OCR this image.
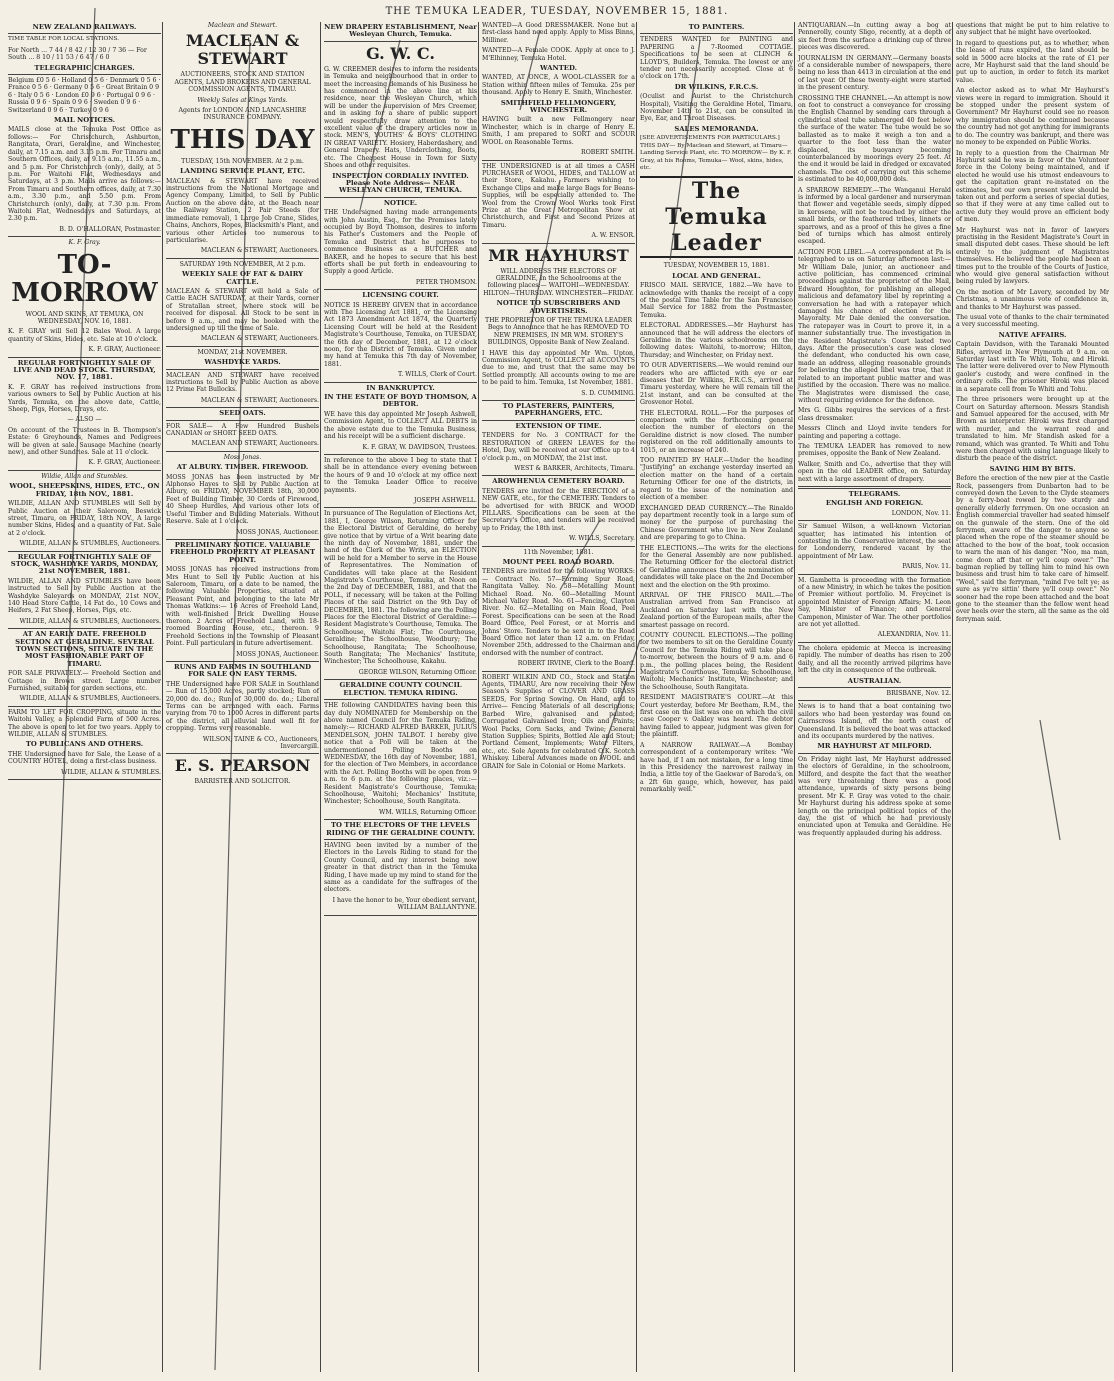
THE TEMUKA LEADER, TUESDAY, NOVEMBER 15, 1881.
NEW ZEALAND RAILWAYS.
TIME TABLE FOR LOCAL STATIONS.
For North ... 7 44 / 8 42 / 12 30 / 7 36 — For South ... 8 10 / 11 53 / 6 47 / 6 0
TELEGRAPHIC CHARGES.
Belgium £0 5 6 · Holland 0 5 6 · Denmark 0 5 6 · France 0 5 6 · Germany 0 5 6 · Great Britain 0 9 6 · Italy 0 5 6 · London £0 9 6 · Portugal 0 9 6 · Russia 0 9 6 · Spain 0 9 6 · Sweden 0 9 6 · Switzerland 0 9 6 · Turkey 0 9 6
MAIL NOTICES.
MAILS close at the Temuka Post Office as follows:— For Christchurch, Ashburton, Rangitata, Orari, Geraldine, and Winchester, daily, at 7.15 a.m. and 3.15 p.m. For Timaru and Southern Offices, daily, at 9.15 a.m., 11.55 a.m., and 5 p.m. For Christchurch (only), daily, at 5 p.m. For Waitohi Flat, Wednesdays and Saturdays, at 3 p.m. Mails arrive as follows:— From Timaru and Southern offices, daily, at 7.30 a.m., 3.30 p.m., and 5.50 p.m. From Christchurch (only), daily, at 7.30 p.m. From Waitohi Flat, Wednesdays and Saturdays, at 2.30 p.m.
B. D. O'HALLORAN, Postmaster.
K. F. Gray.
TO-MORROW
WOOL AND SKINS, AT TEMUKA, ON WEDNESDAY, NOV. 16, 1881.
K. F. GRAY will Sell 12 Bales Wool. A large quantity of Skins, Hides, etc. Sale at 10 o'clock.
K. F. GRAY, Auctioneer.
REGULAR FORTNIGHTLY SALE OF LIVE AND DEAD STOCK. THURSDAY, NOV. 17, 1881.
K. F. GRAY has received instructions from various owners to Sell by Public Auction at his Yards, Temuka, on the above date, Cattle, Sheep, Pigs, Horses, Drays, etc.
— ALSO —
On account of the Trustees in B. Thompson's Estate: 6 Greyhounds, Names and Pedigrees will be given at sale. Sausage Machine (nearly new), and other Sundries. Sale at 11 o'clock.
K. F. GRAY, Auctioneer.
Wildie, Allan and Stumbles.
WOOL, SHEEPSKINS, HIDES, ETC., ON FRIDAY, 18th NOV., 1881.
WILDIE, ALLAN AND STUMBLES will Sell by Public Auction at their Saleroom, Beswick street, Timaru, on FRIDAY, 18th NOV., A large number Skins, Hides, and a quantity of Fat. Sale at 2 o'clock.
WILDIE, ALLAN & STUMBLES, Auctioneers.
REGULAR FORTNIGHTLY SALE OF STOCK, WASHDYKE YARDS, MONDAY, 21st NOVEMBER, 1881.
WILDIE, ALLAN AND STUMBLES have been instructed to Sell by Public Auction at the Washdyke Saleyards on MONDAY, 21st NOV., 140 Head Store Cattle, 14 Fat do., 10 Cows and Heifers, 2 Fat Sheep, Horses, Pigs, etc.
WILDIE, ALLAN & STUMBLES, Auctioneers.
AT AN EARLY DATE. FREEHOLD SECTION AT GERALDINE. SEVERAL TOWN SECTIONS, SITUATE IN THE MOST FASHIONABLE PART OF TIMARU.
FOR SALE PRIVATELY.— Freehold Section and Cottage in Brown street. Large number Furnished, suitable for garden sections, etc.
WILDIE, ALLAN & STUMBLES, Auctioneers.
FARM TO LET FOR CROPPING, situate in the Waitohi Valley, a Splendid Farm of 500 Acres. The above is open to let for two years. Apply to WILDIE, ALLAN & STUMBLES.
TO PUBLICANS AND OTHERS.
THE Undersigned have for Sale, the Lease of a COUNTRY HOTEL, doing a first-class business.
WILDIE, ALLAN & STUMBLES.
Maclean and Stewart.
MACLEAN & STEWART
AUCTIONEERS, STOCK AND STATION AGENTS, LAND BROKERS AND GENERAL COMMISSION AGENTS, TIMARU.
Weekly Sales at Kings Yards.
Agents for LONDON AND LANCASHIRE INSURANCE COMPANY.
THIS DAY
TUESDAY, 15th NOVEMBER. At 2 p.m.
LANDING SERVICE PLANT, ETC.
MACLEAN & STEWART have received instructions from the National Mortgage and Agency Company, Limited, to Sell by Public Auction on the above date, at the Beach near the Railway Station, 2 Pair Steeds (for immediate removal), 1 Large Job Crane, Slides, Chains, Anchors, Ropes, Blacksmith's Plant, and various other Articles too numerous to particularise.
MACLEAN & STEWART, Auctioneers.
SATURDAY 19th NOVEMBER, At 2 p.m.
WEEKLY SALE OF FAT & DAIRY CATTLE.
MACLEAN & STEWART will hold a Sale of Cattle EACH SATURDAY, at their Yards, corner of Stratallan street, where stock will be received for disposal. All Stock to be sent in before 9 a.m., and may be booked with the undersigned up till the time of Sale.
MACLEAN & STEWART, Auctioneers.
MONDAY, 21st NOVEMBER.
WASHDYKE YARDS.
MACLEAN AND STEWART have received instructions to Sell by Public Auction as above 12 Prime Fat Bullocks.
MACLEAN & STEWART, Auctioneers.
SEED OATS.
FOR SALE— A Few Hundred Bushels CANADIAN or SHORT SEED OATS.
MACLEAN AND STEWART, Auctioneers.
Moss Jonas.
AT ALBURY. TIMBER. FIREWOOD.
MOSS JONAS has been instructed by Mr Alphonso Hayes to Sell by Public Auction at Albury, on FRIDAY, NOVEMBER 18th, 30,000 Feet of Building Timber, 30 Cords of Firewood, 40 Sheep Hurdles, And various other lots of Useful Timber and Building Materials. Without Reserve. Sale at 1 o'clock.
MOSS JONAS, Auctioneer.
PRELIMINARY NOTICE. VALUABLE FREEHOLD PROPERTY AT PLEASANT POINT.
MOSS JONAS has received instructions from Mrs Hunt to Sell by Public Auction at his Saleroom, Timaru, on a date to be named, the following Valuable Properties, situated at Pleasant Point, and belonging to the late Mr Thomas Watkins:— 16 Acres of Freehold Land, with well-finished Brick Dwelling House thereon. 2 Acres of Freehold Land, with 18-roomed Boarding House, etc., thereon. 9 Freehold Sections in the Township of Pleasant Point. Full particulars in future advertisement.
MOSS JONAS, Auctioneer.
RUNS AND FARMS IN SOUTHLAND FOR SALE ON EASY TERMS.
THE Undersigned have FOR SALE in Southland— Run of 15,000 Acres, partly stocked; Run of 20,000 do. do.; Run of 30,000 do. do.; Liberal Terms can be arranged with each. Farms varying from 70 to 1000 Acres in different parts of the district, all alluvial land well fit for cropping. Terms very reasonable.
WILSON, TAINE & CO., Auctioneers, Invercargill.
E. S. PEARSON
BARRISTER AND SOLICITOR.
NEW DRAPERY ESTABLISHMENT, Near Wesleyan Church, Temuka.
G. W. C.
G. W. CREEMER desires to inform the residents in Temuka and neighbourhood that in order to meet the increasing demands of his Business he has commenced in the above line at his residence, near the Wesleyan Church, which will be under the supervision of Mrs Creemer, and in asking for a share of public support would respectfully draw attention to the excellent value of the drapery articles now in stock. MEN'S, YOUTHS' & BOYS' CLOTHING IN GREAT VARIETY. Hosiery, Haberdashery, and General Drapery. Hats, Underclothing, Boots, etc. The Cheapest House in Town for Sixty Shoes and other requisites.
INSPECTION CORDIALLY INVITED. Please Note Address— NEAR WESLEYAN CHURCH, TEMUKA.
NOTICE.
THE Undersigned having made arrangements with John Austin, Esq., for the Premises lately occupied by Boyd Thomson, desires to inform his Father's Customers and the People of Temuka and District that he purposes to commence Business as a BUTCHER and BAKER, and he hopes to secure that his best efforts shall be put forth in endeavouring to Supply a good Article.
PETER THOMSON.
LICENSING COURT.
NOTICE IS HEREBY GIVEN that in accordance with The Licensing Act 1881, or the Licensing Act 1873 Amendment Act 1874, the Quarterly Licensing Court will be held at the Resident Magistrate's Courthouse, Temuka, on TUESDAY, the 6th day of December, 1881, at 12 o'clock noon, for the District of Temuka. Given under my hand at Temuka this 7th day of November, 1881.
T. WILLS, Clerk of Court.
IN BANKRUPTCY.
IN THE ESTATE OF BOYD THOMSON, A DEBTOR.
WE have this day appointed Mr Joseph Ashwell, Commission Agent, to COLLECT ALL DEBTS in the above estate due to the Temuka Business, and his receipt will be a sufficient discharge.
K. F. GRAY, W. DAVIDSON, Trustees.
In reference to the above I beg to state that I shall be in attendance every evening between the hours of 9 and 10 o'clock at my office next to the Temuka Leader Office to receive payments.
JOSEPH ASHWELL.
In pursuance of The Regulation of Elections Act, 1881, I, George Wilson, Returning Officer for the Electoral District of Geraldine, do hereby give notice that by virtue of a Writ bearing date the ninth day of November, 1881, under the hand of the Clerk of the Writs, an ELECTION will be held for a Member to serve in the House of Representatives. The Nomination of Candidates will take place at the Resident Magistrate's Courthouse, Temuka, at Noon on the 2nd Day of DECEMBER, 1881, and that the POLL, if necessary, will be taken at the Polling Places of the said District on the 9th Day of DECEMBER, 1881. The following are the Polling Places for the Electoral District of Geraldine:— Resident Magistrate's Courthouse, Temuka. The Schoolhouse, Waitohi Flat; The Courthouse, Geraldine; The Schoolhouse, Woodbury; The Schoolhouse, Rangitata; The Schoolhouse, South Rangitata; The Mechanics' Institute, Winchester; The Schoolhouse, Kakahu.
GEORGE WILSON, Returning Officer.
GERALDINE COUNTY COUNCIL ELECTION. TEMUKA RIDING.
THE following CANDIDATES having been this day duly NOMINATED for Membership on the above named Council for the Temuka Riding, namely:— RICHARD ALFRED BARKER, JULIUS MENDELSON, JOHN TALBOT. I hereby give notice that a Poll will be taken at the undermentioned Polling Booths on WEDNESDAY, the 16th day of November, 1881, for the election of Two Members, in accordance with the Act. Polling Booths will be open from 9 a.m. to 6 p.m. at the following places, viz.:— Resident Magistrate's Courthouse, Temuka; Schoolhouse, Waitohi; Mechanics' Institute, Winchester; Schoolhouse, South Rangitata.
WM. WILLS, Returning Officer.
TO THE ELECTORS OF THE LEVELS RIDING OF THE GERALDINE COUNTY.
HAVING been invited by a number of the Electors in the Levels Riding to stand for the County Council, and my interest being now greater in that district than in the Temuka Riding, I have made up my mind to stand for the same as a candidate for the suffrages of the electors.
I have the honor to be, Your obedient servant, WILLIAM BALLANTYNE.
WANTED—A Good DRESSMAKER. None but a first-class hand need apply. Apply to Miss Binns, Milliner.
WANTED—A Female COOK. Apply at once to J. M'Elhinney, Temuka Hotel.
WANTED.
WANTED, AT ONCE, A WOOL-CLASSER for a Station within fifteen miles of Temuka. 25s per thousand. Apply to Henry E. Smith, Winchester.
SMITHFIELD FELLMONGERY, WINCHESTER.
HAVING built a new Fellmongery near Winchester, which is in charge of Henry E. Smith, I am prepared to SORT and SCOUR WOOL on Reasonable Terms.
ROBERT SMITH.
THE UNDERSIGNED is at all times a CASH PURCHASER of WOOL, HIDES, and TALLOW at their Store, Kakahu. Farmers wishing to Exchange Clips and make large Bags for Beans-Supplies, will be especially attended to. The Wool from the Crown Wool Works took First Prize at the Great Metropolitan Show at Christchurch, and First and Second Prizes at Timaru.
A. W. ENSOR.
MR HAYHURST
WILL ADDRESS THE ELECTORS OF GERALDINE, In the Schoolrooms at the following places:— WAITOHI—WEDNESDAY. HILTON—THURSDAY. WINCHESTER—FRIDAY.
NOTICE TO SUBSCRIBERS AND ADVERTISERS.
THE PROPRIETOR OF THE TEMUKA LEADER Begs to Announce that he has REMOVED TO NEW PREMISES, IN MR WM. STOREY'S BUILDINGS, Opposite Bank of New Zealand.
I HAVE this day appointed Mr Wm. Upton, Commission Agent, to COLLECT all ACCOUNTS due to me, and trust that the same may be Settled promptly. All accounts owing to me are to be paid to him. Temuka, 1st November, 1881.
S. D. CUMMING.
TO PLASTERERS, PAINTERS, PAPERHANGERS, ETC.
EXTENSION OF TIME.
TENDERS for No. 3 CONTRACT for the RESTORATION of GREEN LEAVES for the Hotel, Day, will be received at our Office up to 4 o'clock p.m., on MONDAY, the 21st inst.
WEST & BARKER, Architects, Timaru.
AROWHENUA CEMETERY BOARD.
TENDERS are invited for the ERECTION of a NEW GATE, etc., for the CEMETERY. Tenders to be advertised for with BRICK and WOOD PILLARS. Specifications can be seen at the Secretary's Office, and tenders will be received up to Friday, the 18th inst.
W. WILLS, Secretary.
11th November, 1881.
MOUNT PEEL ROAD BOARD.
TENDERS are invited for the following WORKS:— Contract No. 57—Forming Spur Road, Rangitata Valley. No. 58—Metalling Mount Michael Road. No. 60—Metalling Mount Michael Valley Road. No. 61—Fencing, Clayton River. No. 62—Metalling on Main Road, Peel Forest. Specifications can be seen at the Road Board Office, Peel Forest, or at Morris and Johns' Store. Tenders to be sent in to the Road Board Office not later than 12 a.m. on Friday, November 25th, addressed to the Chairman and endorsed with the number of contract.
ROBERT IRVINE, Clerk to the Board.
ROBERT WILKIN AND CO., Stock and Station Agents, TIMARU, Are now receiving their New Season's Supplies of CLOVER AND GRASS SEEDS, For Spring Sowing. On Hand, and to Arrive— Fencing Materials of all descriptions; Barbed Wire, galvanised and painted; Corrugated Galvanised Iron; Oils and Paints; Wool Packs, Corn Sacks, and Twine; General Station Supplies; Spirits, Bottled Ale and Stout; Portland Cement, Implements; Water Filters, etc., etc. Sole Agents for celebrated O.K. Scotch Whiskey. Liberal Advances made on WOOL and GRAIN for Sale in Colonial or Home Markets.
TO PAINTERS.
TENDERS WANTED for PAINTING and PAPERING a 7-Roomed COTTAGE. Specifications to be seen at CLINCH & LLOYD'S, Builders, Temuka. The lowest or any tender not necessarily accepted. Close at 6 o'clock on 17th.
DR WILKINS, F.R.C.S.
(Oculist and Aurist to the Christchurch Hospital), Visiting the Geraldine Hotel, Timaru, November 14th to 21st, can be consulted in Eye, Ear, and Throat Diseases.
SALES MEMORANDA.
[SEE ADVERTISEMENTS FOR PARTICULARS.] THIS DAY— By Maclean and Stewart, at Timaru— Landing Service Plant, etc. TO MORROW— By K. F. Gray, at his Rooms, Temuka— Wool, skins, hides, etc.
The Temuka Leader
TUESDAY, NOVEMBER 15, 1881.
LOCAL AND GENERAL.
FRISCO MAIL SERVICE, 1882.—We have to acknowledge with thanks the receipt of a copy of the postal Time Table for the San Francisco Mail Service for 1882 from the Postmaster, Temuka.
ELECTORAL ADDRESSES.—Mr Hayhurst has announced that he will address the electors of Geraldine in the various schoolrooms on the following dates: Waitohi, to-morrow; Hilton, Thursday; and Winchester, on Friday next.
TO OUR ADVERTISERS.—We would remind our readers who are afflicted with eye or ear diseases that Dr Wilkins, F.R.C.S., arrived at Timaru yesterday, where he will remain till the 21st instant, and can be consulted at the Grosvenor Hotel.
THE ELECTORAL ROLL.—For the purposes of comparison with the forthcoming general election the number of electors on the Geraldine district is now closed. The number registered on the roll additionally amounts to 1015, or an increase of 240.
TOO PAINTED BY HALF.—Under the heading "Justifying" an exchange yesterday inserted an election matter on the hand of a certain Returning Officer for one of the districts, in regard to the issue of the nomination and election of a member.
EXCHANGED DEAD CURRENCY.—The Rinaldo pay department recently took in a large sum of money for the purpose of purchasing the Chinese Government who live in New Zealand and are preparing to go to China.
THE ELECTIONS.—The writs for the elections for the General Assembly are now published. The Returning Officer for the electoral district of Geraldine announces that the nomination of candidates will take place on the 2nd December next and the election on the 9th proximo.
ARRIVAL OF THE FRISCO MAIL.—The Australian arrived from San Francisco at Auckland on Saturday last with the New Zealand portion of the European mails, after the smartest passage on record.
COUNTY COUNCIL ELECTIONS.—The polling for two members to sit on the Geraldine County Council for the Temuka Riding will take place to-morrow, between the hours of 9 a.m. and 6 p.m., the polling places being, the Resident Magistrate's Courthouse, Temuka; Schoolhouse, Waitohi; Mechanics' Institute, Winchester; and the Schoolhouse, South Rangitata.
RESIDENT MAGISTRATE'S COURT.—At this Court yesterday, before Mr Beetham, R.M., the first case on the list was one on which the civil case Cooper v. Oakley was heard. The debtor having failed to appear, judgment was given for the plaintiff.
A NARROW RAILWAY.—A Bombay correspondent of a contemporary writes: "We have had, if I am not mistaken, for a long time in this Presidency the narrowest railway in India, a little toy of the Gaekwar of Baroda's, on a 2ft 6in gauge, which, however, has paid remarkably well."
ANTIQUARIAN.—In cutting away a bog at Pennerolly, county Sligo, recently, at a depth of six feet from the surface a drinking cup of three pieces was discovered.
JOURNALISM IN GERMANY.—Germany boasts of a considerable number of newspapers, there being no less than 4413 in circulation at the end of last year. Of these twenty-eight were started in the present century.
CROSSING THE CHANNEL.—An attempt is now on foot to construct a conveyance for crossing the English Channel by sending cars through a cylindrical steel tube submerged 40 feet below the surface of the water. The tube would be so ballasted as to make it weigh a ton and a quarter to the foot less than the water displaced, its buoyancy becoming counterbalanced by moorings every 25 feet. At the end it would be laid in dredged or excavated channels. The cost of carrying out this scheme is estimated to be 40,000,000 dols.
A SPARROW REMEDY.—The Wanganui Herald is informed by a local gardener and nurseryman that flower and vegetable seeds, simply dipped in kerosene, will not be touched by either the small birds, or the feathered tribes, linnets or sparrows, and as a proof of this he gives a fine bed of turnips which has almost entirely escaped.
ACTION FOR LIBEL.—A correspondent at Pa is telegraphed to us on Saturday afternoon last:—Mr William Dale, junior, an auctioneer and active politician, has commenced criminal proceedings against the proprietor of the Mail, Edward Houghton, for publishing an alleged malicious and defamatory libel by reprinting a conversation he had with a ratepayer which damaged his chance of election for the Mayoralty. Mr Dale denied the conversation. The ratepayer was in Court to prove it, in a manner substantially true. The investigation in the Resident Magistrate's Court lasted two days. After the prosecution's case was closed the defendant, who conducted his own case, made an address, alleging reasonable grounds for believing the alleged libel was true, that it related to an important public matter and was justified by the occasion. There was no malice. The Magistrates were dismissed the case, without requiring evidence for the defence.
Mrs G. Gibbs requires the services of a first-class dressmaker.
Messrs Clinch and Lloyd invite tenders for painting and papering a cottage.
The TEMUKA LEADER has removed to new premises, opposite the Bank of New Zealand.
Walker, Smith and Co., advertise that they will open in the old LEADER office, on Saturday next with a large assortment of drapery.
TELEGRAMS.
ENGLISH AND FOREIGN.
LONDON, Nov. 11.
Sir Samuel Wilson, a well-known Victorian squatter, has intimated his intention of contesting in the Conservative interest, the seat for Londonderry, rendered vacant by the appointment of Mr Law.
PARIS, Nov. 11.
M. Gambetta is proceeding with the formation of a new Ministry, in which he takes the position of Premier without portfolio. M. Freycinet is appointed Minister of Foreign Affairs; M. Leon Say, Minister of Finance; and General Campenon, Minister of War. The other portfolios are not yet allotted.
ALEXANDRIA, Nov. 11.
The cholera epidemic at Mecca is increasing rapidly. The number of deaths has risen to 200 daily, and all the recently arrived pilgrims have left the city in consequence of the outbreak.
AUSTRALIAN.
BRISBANE, Nov. 12.
News is to hand that a boat containing two sailors who had been yesterday was found on Cairnscross Island, off the north coast of Queensland. It is believed the boat was attacked and its occupants murdered by the natives.
MR HAYHURST AT MILFORD.
On Friday night last, Mr Hayhurst addressed the electors of Geraldine, in the schoolroom, Milford, and despite the fact that the weather was very threatening there was a good attendance, upwards of sixty persons being present. Mr K. F. Gray was voted to the chair. Mr Hayhurst during his address spoke at some length on the principal political topics of the day, the gist of which he had previously enunciated upon at Temuka and Geraldine. He was frequently applauded during his address.
questions that might be put to him relative to any subject that he might have overlooked.
In regard to questions put, as to whether, when the lease of runs expired, the land should be sold in 5000 acre blocks at the rate of £1 per acre, Mr Hayhurst said that the land should be put up to auction, in order to fetch its market value.
An elector asked as to what Mr Hayhurst's views were in regard to immigration. Should it be stopped under the present system of Government? Mr Hayhurst could see no reason why immigration should be continued because the country had not got anything for immigrants to do. The country was bankrupt, and there was no money to be expended on Public Works.
In reply to a question from the Chairman Mr Hayhurst said he was in favor of the Volunteer force in the Colony being maintained, and if elected he would use his utmost endeavours to get the capitation grant re-instated on the estimates, but our own present view should be taken out and perform a series of special duties, so that if they were at any time called out to active duty they would prove an efficient body of men.
Mr Hayhurst was not in favor of lawyers practising in the Resident Magistrate's Court in small disputed debt cases. These should be left entirely to the judgment of Magistrates themselves. He believed the people had been at times put to the trouble of the Courts of Justice, who would give general satisfaction without being ruled by lawyers.
On the motion of Mr Lavery, seconded by Mr Christmas, a unanimous vote of confidence in, and thanks to Mr Hayhurst was passed.
The usual vote of thanks to the chair terminated a very successful meeting.
NATIVE AFFAIRS.
Captain Davidson, with the Taranaki Mounted Rifles, arrived in New Plymouth at 9 a.m. on Saturday last with Te Whiti, Tohu, and Hiroki. The latter were delivered over to New Plymouth gaoler's custody, and were confined in the ordinary cells. The prisoner Hiroki was placed in a separate cell from Te Whiti and Tohu.
The three prisoners were brought up at the Court on Saturday afternoon. Messrs Standish and Samuel appeared for the accused, with Mr Brown as interpreter. Hiroki was first charged with murder, and the warrant read and translated to him. Mr Standish asked for a remand, which was granted. Te Whiti and Tohu were then charged with using language likely to disturb the peace of the district.
SAVING HIM BY BITS.
Before the erection of the new pier at the Castle Rock, passengers from Dunbarton had to be conveyed down the Leven to the Clyde steamers by a ferry-boat rowed by two sturdy and generally elderly ferrymen. On one occasion an English commercial traveller had seated himself on the gunwale of the stern. One of the old ferrymen, aware of the danger to anyone so placed when the rope of the steamer should be attached to the bow of the boat, took occasion to warn the man of his danger. "Noo, ma man, come doon aff that or ye'll coup ower." The bagman replied by telling him to mind his own business and trust him to take care of himself. "Weel," said the ferryman, "mind I've telt ye; as sure as ye're sittin' there ye'll coup ower." No sooner had the rope been attached and the boat gone to the steamer than the fellow went head over heels over the stern, all the same as the old ferryman said.
